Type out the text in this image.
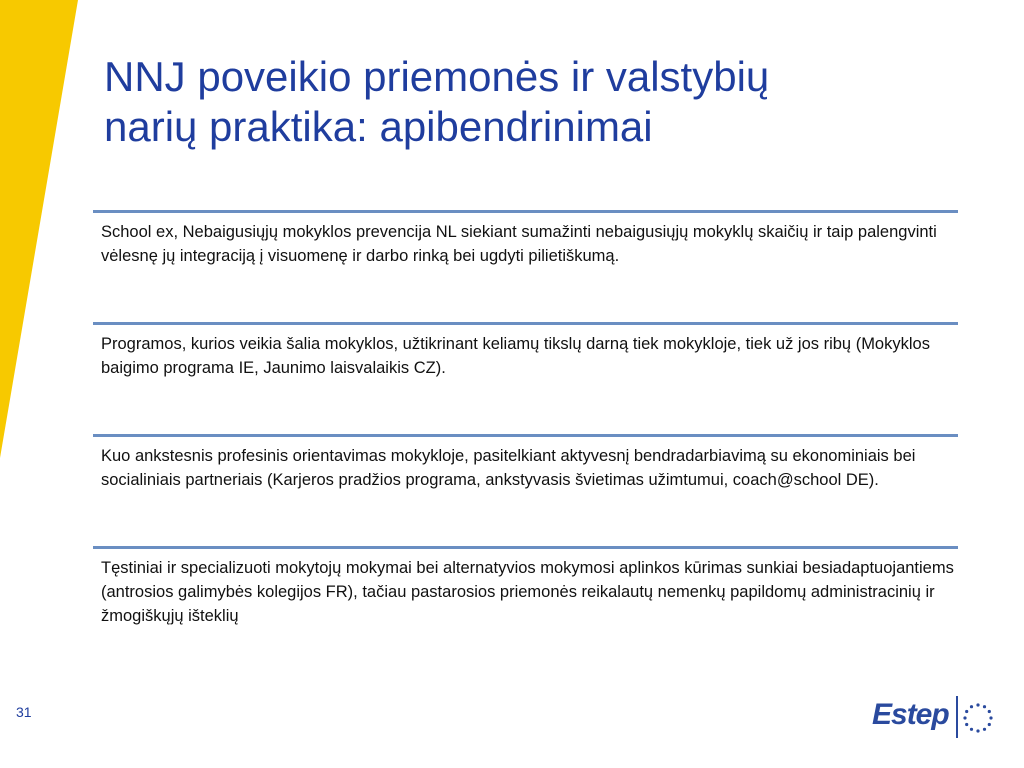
NNJ poveikio priemonės ir valstybių
narių praktika: apibendrinimai
School ex, Nebaigusiųjų mokyklos prevencija NL siekiant sumažinti nebaigusiųjų mokyklų skaičių ir taip palengvinti vėlesnę jų integraciją į visuomenę ir darbo rinką bei ugdyti pilietiškumą.
Programos, kurios veikia šalia mokyklos, užtikrinant keliamų tikslų darną tiek mokykloje, tiek už jos ribų (Mokyklos baigimo programa IE, Jaunimo laisvalaikis CZ).
Kuo ankstesnis profesinis orientavimas mokykloje, pasitelkiant aktyvesnį bendradarbiavimą su ekonominiais bei socialiniais partneriais (Karjeros pradžios programa, ankstyvasis švietimas užimtumui, coach@school DE).
Tęstiniai ir specializuoti mokytojų mokymai bei alternatyvios mokymosi aplinkos kūrimas sunkiai besiadaptuojantiems (antrosios galimybės kolegijos FR), tačiau pastarosios priemonės reikalautų nemenkų papildomų administracinių ir žmogiškųjų išteklių
31	Estep
